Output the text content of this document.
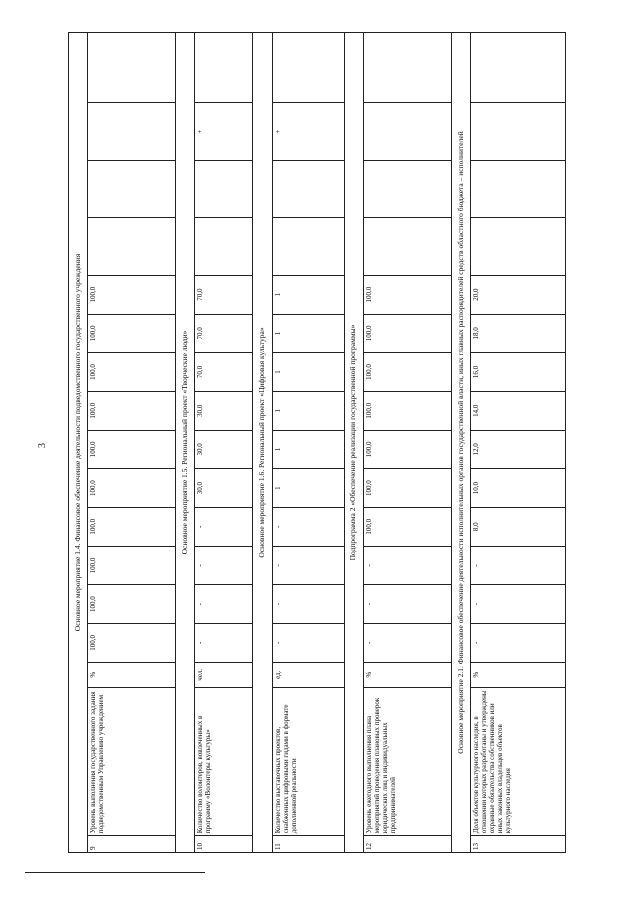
3	Основное мероприятие 1.4. Финансовое обеспечение деятельности подведомственного государственного учреждения																
9	Уровень выполнения государственного задания подведомственным Управлению учреждением	%	100,0	100,0	100,0	100,0	100,0	100,0	100,0	100,0	100,0	100,0				
Основное мероприятие 1.5. Региональный проект «Творческие люди»																
10	Количество волонтеров, вовлеченных в программу «Волонтеры культуры»	чел.	-	-	-	-	30,0	30,0	30,0	70,0	70,0	70,0			+	
Основное мероприятие 1.6. Региональный проект «Цифровая культура»																
11	Количество выставочных проектов, снабженных цифровыми гидами в формате дополненной реальности	ед.	-	-	-	-	1	1	1	1	1	1			+	
Подпрограмма 2 «Обеспечение реализации государственной программы»																
12	Уровень ежегодного выполнения плана мероприятий проведения плановых проверок юридических лиц и индивидуальных предпринимателей	%	-	-	-	100,0	100,0	100,0	100,0	100,0	100,0	100,0				
Основное мероприятие 2.1. Финансовое обеспечение деятельности исполнительных органов государственной власти, иных главных распорядителей средств областного бюджета – исполнителей																
13	Доля объектов культурного наследия, в отношении которых разработаны и утверждены охранные обязательства собственников или иных законных владельцев объектов культурного наследия	%	-	-	-	8,0	10,0	12,0	14,0	16,0	18,0	20,0				
